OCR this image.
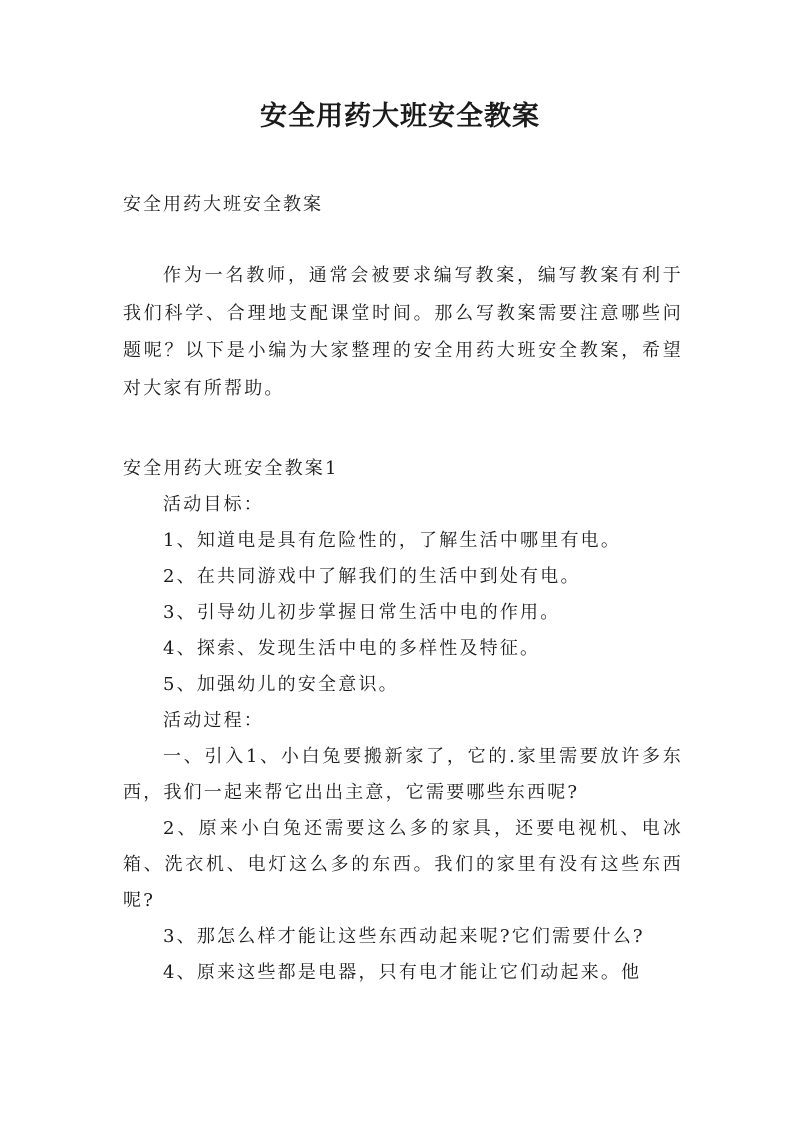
安全用药大班安全教案
安全用药大班安全教案

作为一名教师，通常会被要求编写教案，编写教案有利于我们科学、合理地支配课堂时间。那么写教案需要注意哪些问题呢？以下是小编为大家整理的安全用药大班安全教案，希望对大家有所帮助。

安全用药大班安全教案1

活动目标：

1、知道电是具有危险性的，了解生活中哪里有电。

2、在共同游戏中了解我们的生活中到处有电。

3、引导幼儿初步掌握日常生活中电的作用。

4、探索、发现生活中电的多样性及特征。

5、加强幼儿的安全意识。

活动过程：

一、引入1、小白兔要搬新家了，它的.家里需要放许多东西，我们一起来帮它出出主意，它需要哪些东西呢?

2、原来小白兔还需要这么多的家具，还要电视机、电冰箱、洗衣机、电灯这么多的东西。我们的家里有没有这些东西呢?

3、那怎么样才能让这些东西动起来呢?它们需要什么?

4、原来这些都是电器，只有电才能让它们动起来。他
